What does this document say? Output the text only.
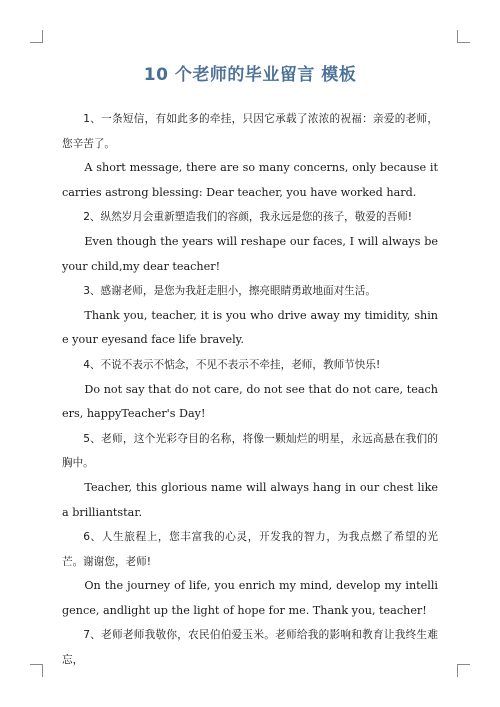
10 个老师的毕业留言 模板

1、一条短信，有如此多的牵挂，只因它承载了浓浓的祝福：亲爱的老师，您辛苦了。

A short message, there are so many concerns, only because it carries astrong blessing: Dear teacher, you have worked hard.

2、纵然岁月会重新塑造我们的容颜，我永远是您的孩子，敬爱的吾师!

Even though the years will reshape our faces, I will always be your child,my dear teacher!

3、感谢老师，是您为我赶走胆小，擦亮眼睛勇敢地面对生活。

Thank you, teacher, it is you who drive away my timidity, shine your eyesand face life bravely.

4、不说不表示不惦念，不见不表示不牵挂，老师，教师节快乐!

Do not say that do not care, do not see that do not care, teachers, happyTeacher's Day!

5、老师，这个光彩夺目的名称，将像一颗灿烂的明星，永远高悬在我们的胸中。

Teacher, this glorious name will always hang in our chest like a brilliantstar.

6、人生旅程上，您丰富我的心灵，开发我的智力，为我点燃了希望的光芒。谢谢您，老师!

On the journey of life, you enrich my mind, develop my intelligence, andlight up the light of hope for me. Thank you, teacher!

7、老师老师我敬你，农民伯伯爱玉米。老师给我的影响和教育让我终生难忘，
